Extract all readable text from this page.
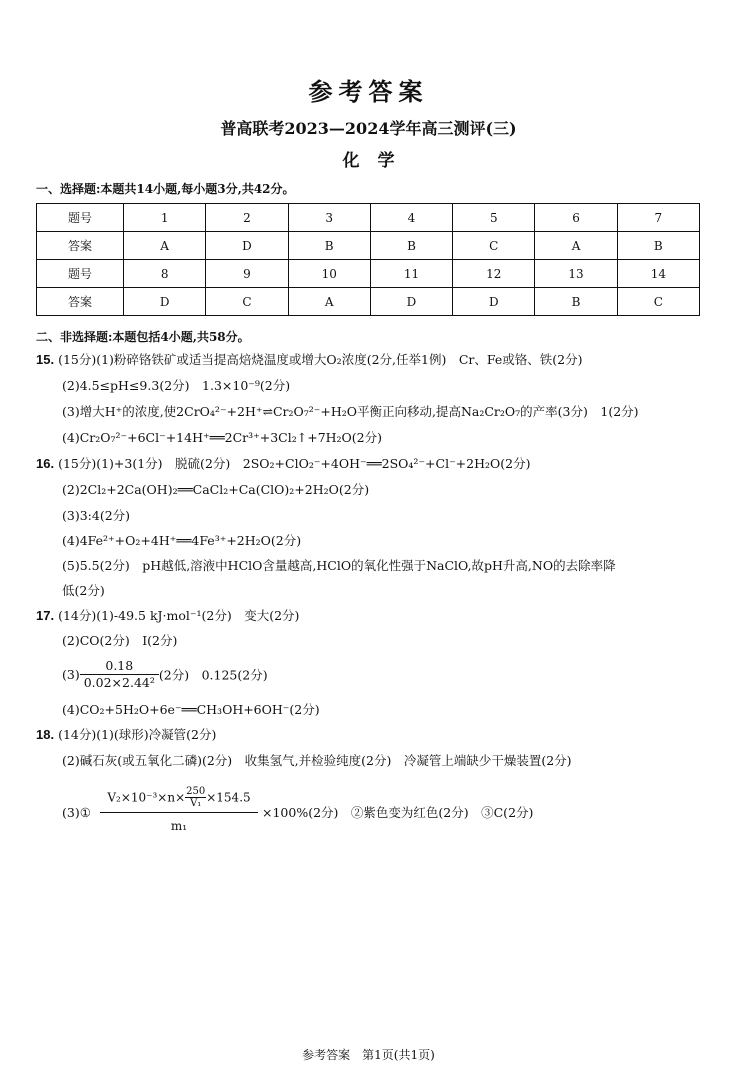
参考答案
普高联考2023—2024学年高三测评(三)
化学
一、选择题:本题共14小题,每小题3分,共42分。
题号	1	2	3	4	5	6	7
答案	A	D	B	B	C	A	B
题号	8	9	10	11	12	13	14
答案	D	C	A	D	D	B	C
二、非选择题:本题包括4小题,共58分。
15. (15分)(1)粉碎铬铁矿或适当提高焙烧温度或增大O₂浓度(2分,任举1例)　Cr、Fe或铬、铁(2分)
(2)4.5≤pH≤9.3(2分)　1.3×10⁻⁹(2分)
(3)增大H⁺的浓度,使2CrO₄²⁻+2H⁺⇌Cr₂O₇²⁻+H₂O平衡正向移动,提高Na₂Cr₂O₇的产率(3分)　1(2分)
(4)Cr₂O₇²⁻+6Cl⁻+14H⁺══2Cr³⁺+3Cl₂↑+7H₂O(2分)
16. (15分)(1)+3(1分)　脱硫(2分)　2SO₂+ClO₂⁻+4OH⁻══2SO₄²⁻+Cl⁻+2H₂O(2分)
(2)2Cl₂+2Ca(OH)₂══CaCl₂+Ca(ClO)₂+2H₂O(2分)
(3)3:4(2分)
(4)4Fe²⁺+O₂+4H⁺══4Fe³⁺+2H₂O(2分)
(5)5.5(2分)　pH越低,溶液中HClO含量越高,HClO的氧化性强于NaClO,故pH升高,NO的去除率降
低(2分)
17. (14分)(1)-49.5 kJ·mol⁻¹(2分)　变大(2分)
(2)CO(2分)　Ⅰ(2分)
$(3) \frac{0.18}{\text{0.02×2.44²}} (2$分)　0.125(2分)
(4)CO₂+5H₂O+6e⁻══CH₃OH+6OH⁻(2分)
18. (14分)(1)(球形)冷凝管(2分)
(2)碱石灰(或五氧化二磷)(2分)　收集氢气,并检验纯度(2分)　冷凝管上端缺少干燥装置(2分)
(3)① $\frac{V_2\times 10^{-3}\times n\times \frac{250}{\text{V₁}} \times 154.5}{\text{m₁}} \times 100\%(2$分)　②紫色变为红色(2分)　③C(2分)
参考答案　第1页(共1页)
